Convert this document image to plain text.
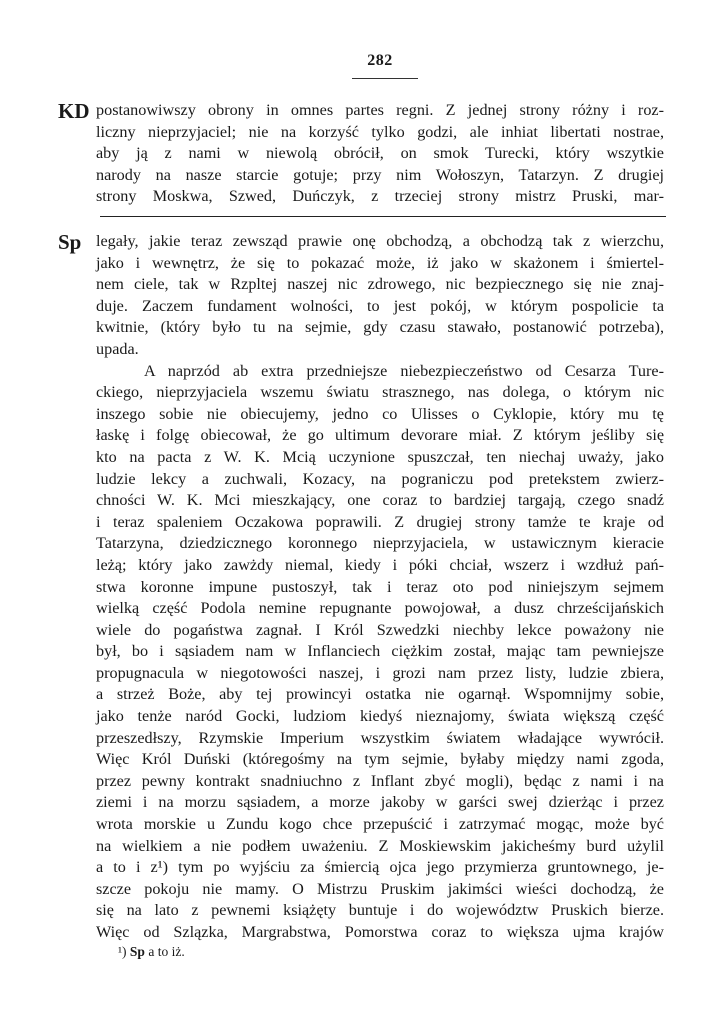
282
KD postanowiwszy obrony in omnes partes regni. Z jednej strony różny i roz-
liczny nieprzyjaciel; nie na korzyść tylko godzi, ale inhiat libertati nostrae,
aby ją z nami w niewolą obrócił, on smok Turecki, który wszytkie
narody na nasze starcie gotuje; przy nim Wołoszyn, Tatarzyn. Z drugiej
strony Moskwa, Szwed, Duńczyk, z trzeciej strony mistrz Pruski, mar-
Sp legały, jakie teraz zewsząd prawie onę obchodzą, a obchodzą tak z wierzchu,
jako i wewnętrz, że się to pokazać może, iż jako w skażonem i śmiertel-
nem ciele, tak w Rzpltej naszej nic zdrowego, nic bezpiecznego się nie znaj-
duje. Zaczem fundament wolności, to jest pokój, w którym pospolicie ta
kwitnie, (który było tu na sejmie, gdy czasu stawało, postanowić potrzeba),
upada.
A naprzód ab extra przedniejsze niebezpieczeństwo od Cesarza Ture-
ckiego, nieprzyjaciela wszemu światu strasznego, nas dolega, o którym nic
inszego sobie nie obiecujemy, jedno co Ulisses o Cyklopie, który mu tę
łaskę i folgę obiecował, że go ultimum devorare miał. Z którym jeśliby się
kto na pacta z W. K. Mcią uczynione spuszczał, ten niechaj uważy, jako
ludzie lekcy a zuchwali, Kozacy, na pograniczu pod pretekstem zwierz-
chności W. K. Mci mieszkający, one coraz to bardziej targają, czego snadź
i teraz spaleniem Oczakowa poprawili. Z drugiej strony tamże te kraje od
Tatarzyna, dziedzicznego koronnego nieprzyjaciela, w ustawicznym kieracie
leżą; który jako zawżdy niemal, kiedy i póki chciał, wszerz i wzdłuż pań-
stwa koronne impune pustoszył, tak i teraz oto pod niniejszym sejmem
wielką część Podola nemine repugnante powojował, a dusz chrześcijańskich
wiele do pogaństwa zagnał. I Król Szwedzki niechby lekce poważony nie
był, bo i sąsiadem nam w Inflanciech ciężkim został, mając tam pewniejsze
propugnacula w niegotowości naszej, i grozi nam przez listy, ludzie zbiera,
a strzeż Boże, aby tej prowincyi ostatka nie ogarnął. Wspomnijmy sobie,
jako tenże naród Gocki, ludziom kiedyś nieznajomy, świata większą część
przeszedłszy, Rzymskie Imperium wszystkim światem władające wywrócił.
Więc Król Duński (któregośmy na tym sejmie, byłaby między nami zgoda,
przez pewny kontrakt snadniuchno z Inflant zbyć mogli), będąc z nami i na
ziemi i na morzu sąsiadem, a morze jakoby w garści swej dzierżąc i przez
wrota morskie u Zundu kogo chce przepuścić i zatrzymać mogąc, może być
na wielkiem a nie podłem uważeniu. Z Moskiewskim jakicheśmy burd użylil
a to i z¹) tym po wyjściu za śmiercią ojca jego przymierza gruntownego, je-
szcze pokoju nie mamy. O Mistrzu Pruskim jakimści wieści dochodzą, że
się na lato z pewnemi książęty buntuje i do województw Pruskich bierze.
Więc od Szlązka, Margrabstwa, Pomorstwa coraz to większa ujma krajów
¹) Sp a to iż.
